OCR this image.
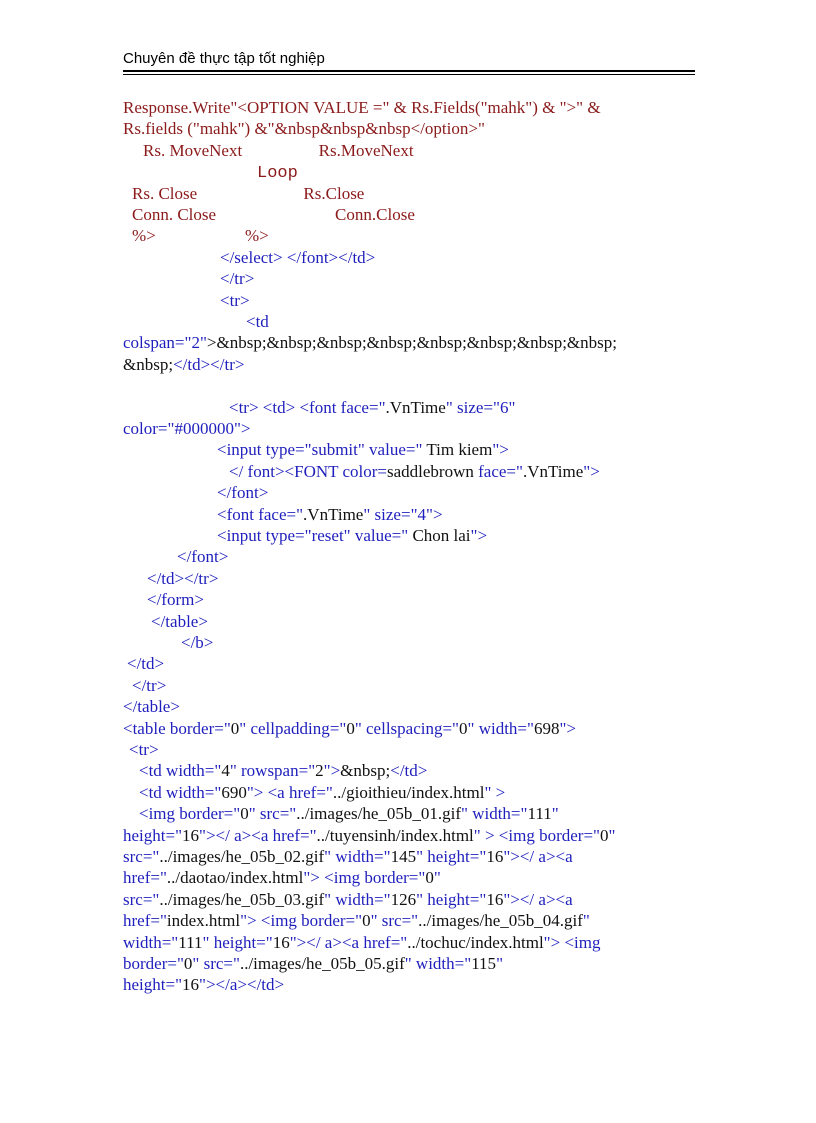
Chuyên đề thực tập tốt nghiệp
Response.Write"<OPTION VALUE =" & Rs.Fields("mahk") & ">" &
Rs.fields ("mahk") &"&nbsp&nbsp&nbsp</option>"
Rs. MoveNext                  Rs.MoveNext
Loop
Rs. Close                         Rs.Close
Conn. Close                            Conn.Close
%>                     %>
</select> </font></td>
</tr>
<tr>
<td
colspan="2">&nbsp;&nbsp;&nbsp;&nbsp;&nbsp;&nbsp;&nbsp;&nbsp;
&nbsp;</td></tr>
<tr> <td> <font face=".VnTime" size="6"
color="#000000">
<input type="submit" value=" Tim kiem">
</ font><FONT color=saddlebrown face=".VnTime">
</font>
<font face=".VnTime" size="4">
<input type="reset" value=" Chon lai">
</font>
</td></tr>
</form>
</table>
</b>
</td>
</tr>
</table>
<table border="0" cellpadding="0" cellspacing="0" width="698">
<tr>
<td width="4" rowspan="2">&nbsp;</td>
<td width="690"> <a href="../gioithieu/index.html" >
<img border="0" src="../images/he_05b_01.gif" width="111"
height="16"></ a><a href="../tuyensinh/index.html" > <img border="0"
src="../images/he_05b_02.gif" width="145" height="16"></ a><a
href="../daotao/index.html"> <img border="0"
src="../images/he_05b_03.gif" width="126" height="16"></ a><a
href="index.html"> <img border="0" src="../images/he_05b_04.gif"
width="111" height="16"></ a><a href="../tochuc/index.html"> <img
border="0" src="../images/he_05b_05.gif" width="115"
height="16"></a></td>
